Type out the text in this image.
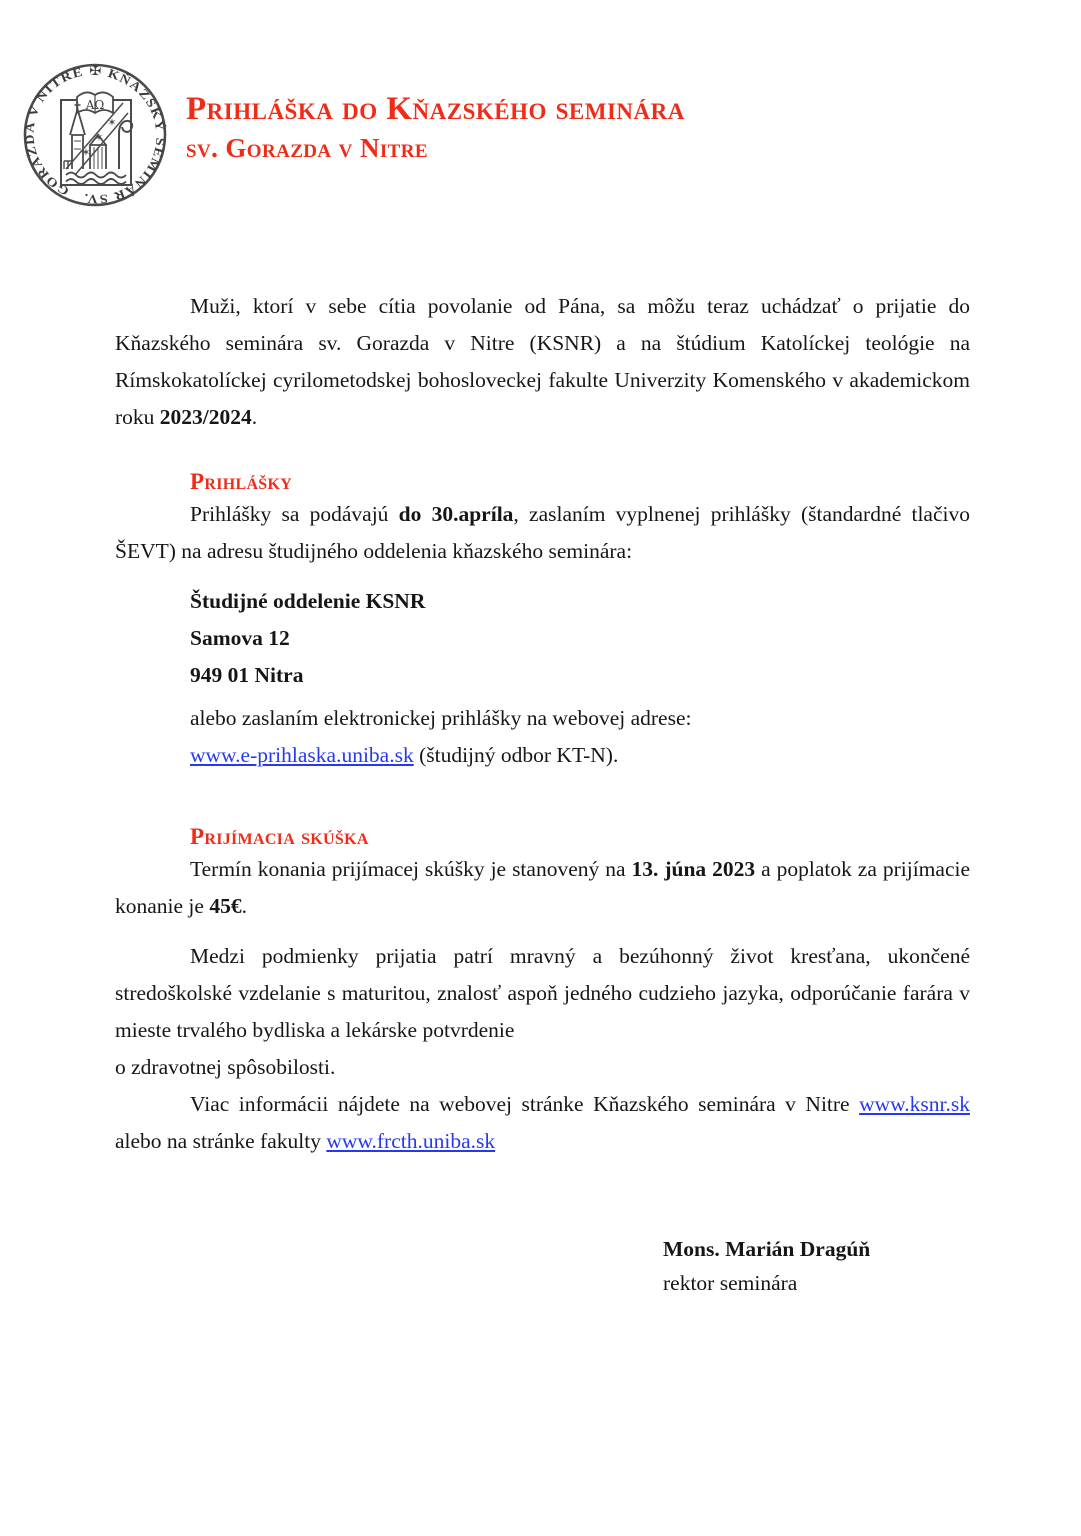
GORAZDA V NITRE ✠ KŇAZSKÝ SEMINÁR SV.
ΑΩ
✶
✶
✶ Prihláška do Kňazského seminára
sv. Gorazda v Nitre

Muži, ktorí v sebe cítia povolanie od Pána, sa môžu teraz uchádzať o prijatie do Kňazského seminára sv. Gorazda v Nitre (KSNR) a na štúdium Katolíckej teológie na Rímskokatolíckej cyrilometodskej bohosloveckej fakulte Univerzity Komenského v akademickom roku 2023/2024.

Prihlášky

Prihlášky sa podávajú do 30.apríla, zaslaním vyplnenej prihlášky (štandardné tlačivo ŠEVT) na adresu študijného oddelenia kňazského seminára:

Študijné oddelenie KSNR
Samova 12
949 01 Nitra
alebo zaslaním elektronickej prihlášky na webovej adrese:
www.e-prihlaska.uniba.sk (študijný odbor KT-N).
Prijímacia skúška

Termín konania prijímacej skúšky je stanovený na 13. júna 2023 a poplatok za prijímacie konanie je 45€.

Medzi podmienky prijatia patrí mravný a bezúhonný život kresťana, ukončené stredoškolské vzdelanie s maturitou, znalosť aspoň jedného cudzieho jazyka, odporúčanie farára v mieste trvalého bydliska a lekárske potvrdenie
o zdravotnej spôsobilosti.

Viac informácii nájdete na webovej stránke Kňazského seminára v Nitre www.ksnr.sk alebo na stránke fakulty www.frcth.uniba.sk

Mons. Marián Dragúň
rektor seminára
